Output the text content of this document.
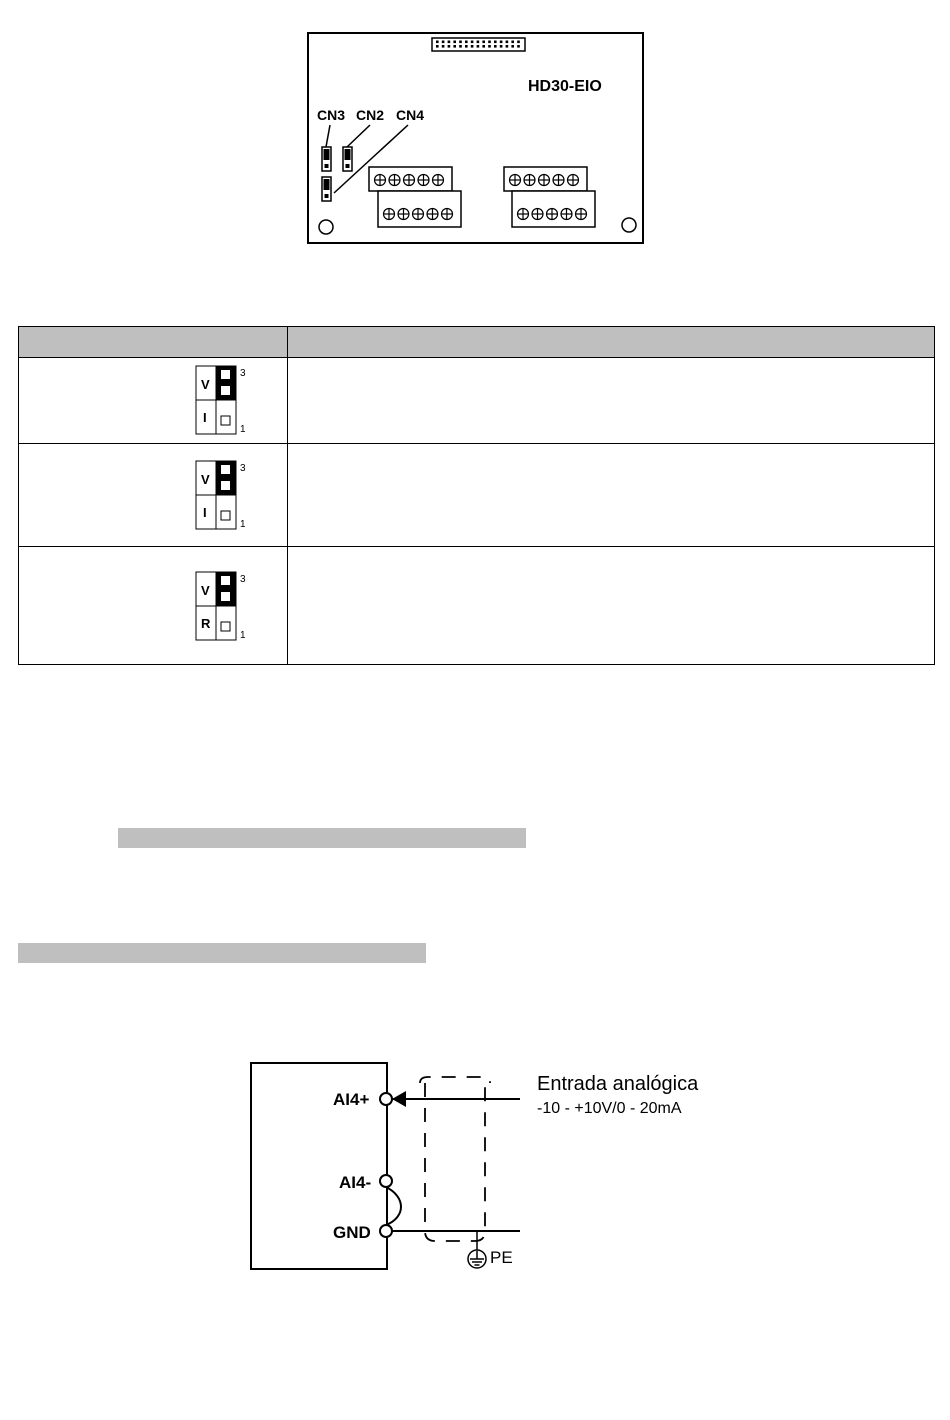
HD30-EIO
CN3 CN2 CN4
V
I
3
1
V
I
3
1
V
R
3
1
AI4+
AI4-
GND
PE
Entrada analógica
-10 - +10V/0 - 20mA
